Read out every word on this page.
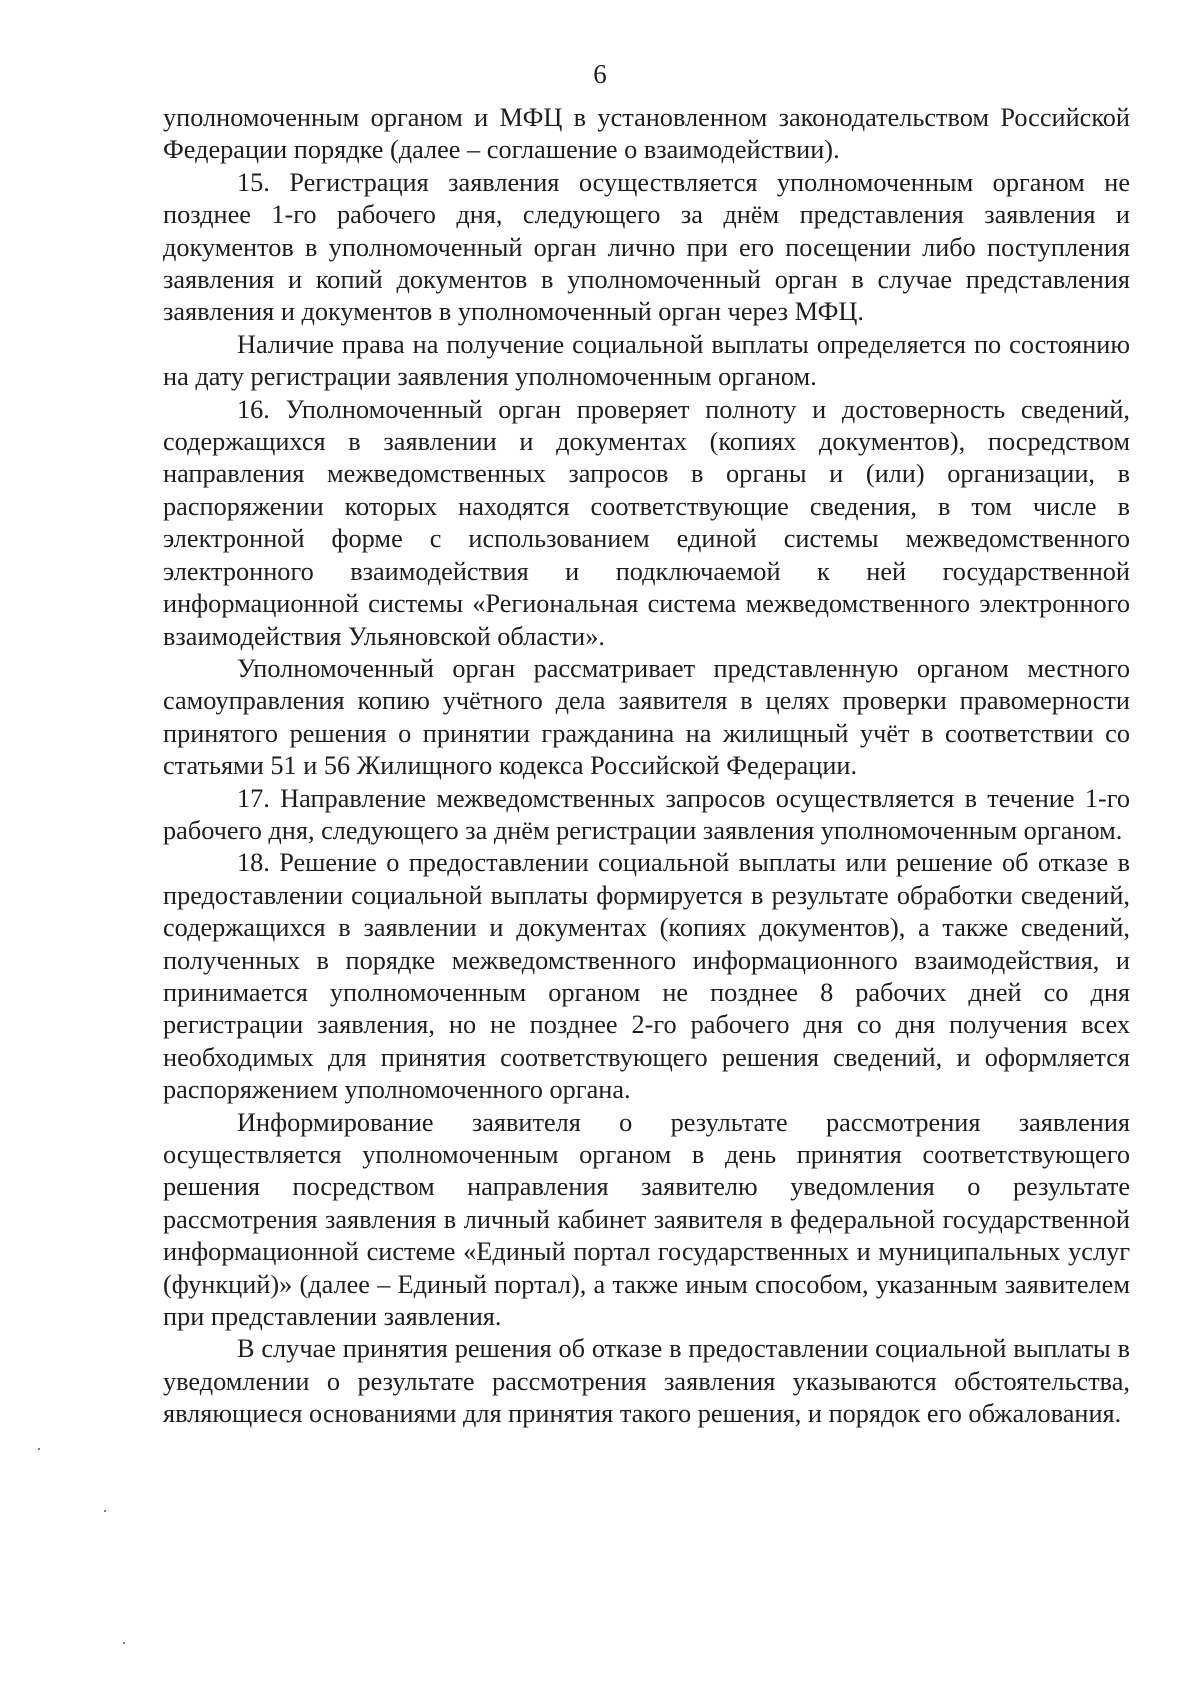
6

уполномоченным органом и МФЦ в установленном законодательством Российской Федерации порядке (далее – соглашение о взаимодействии).

15. Регистрация заявления осуществляется уполномоченным органом не позднее 1-го рабочего дня, следующего за днём представления заявления и документов в уполномоченный орган лично при его посещении либо поступления заявления и копий документов в уполномоченный орган в случае представления заявления и документов в уполномоченный орган через МФЦ.

Наличие права на получение социальной выплаты определяется по состоянию на дату регистрации заявления уполномоченным органом.

16. Уполномоченный орган проверяет полноту и достоверность сведений, содержащихся в заявлении и документах (копиях документов), посредством направления межведомственных запросов в органы и (или) организации, в распоряжении которых находятся соответствующие сведения, в том числе в электронной форме с использованием единой системы межведомственного электронного взаимодействия и подключаемой к ней государственной информационной системы «Региональная система межведомственного электронного взаимодействия Ульяновской области».

Уполномоченный орган рассматривает представленную органом местного самоуправления копию учётного дела заявителя в целях проверки правомерности принятого решения о принятии гражданина на жилищный учёт в соответствии со статьями 51 и 56 Жилищного кодекса Российской Федерации.

17. Направление межведомственных запросов осуществляется в течение 1-го рабочего дня, следующего за днём регистрации заявления уполномоченным органом.

18. Решение о предоставлении социальной выплаты или решение об отказе в предоставлении социальной выплаты формируется в результате обработки сведений, содержащихся в заявлении и документах (копиях документов), а также сведений, полученных в порядке межведомственного информационного взаимодействия, и принимается уполномоченным органом не позднее 8 рабочих дней со дня регистрации заявления, но не позднее 2-го рабочего дня со дня получения всех необходимых для принятия соответствующего решения сведений, и оформляется распоряжением уполномоченного органа.

Информирование заявителя о результате рассмотрения заявления осуществляется уполномоченным органом в день принятия соответствующего решения посредством направления заявителю уведомления о результате рассмотрения заявления в личный кабинет заявителя в федеральной государственной информационной системе «Единый портал государственных и муниципальных услуг (функций)» (далее – Единый портал), а также иным способом, указанным заявителем при представлении заявления.

В случае принятия решения об отказе в предоставлении социальной выплаты в уведомлении о результате рассмотрения заявления указываются обстоятельства, являющиеся основаниями для принятия такого решения, и порядок его обжалования.
